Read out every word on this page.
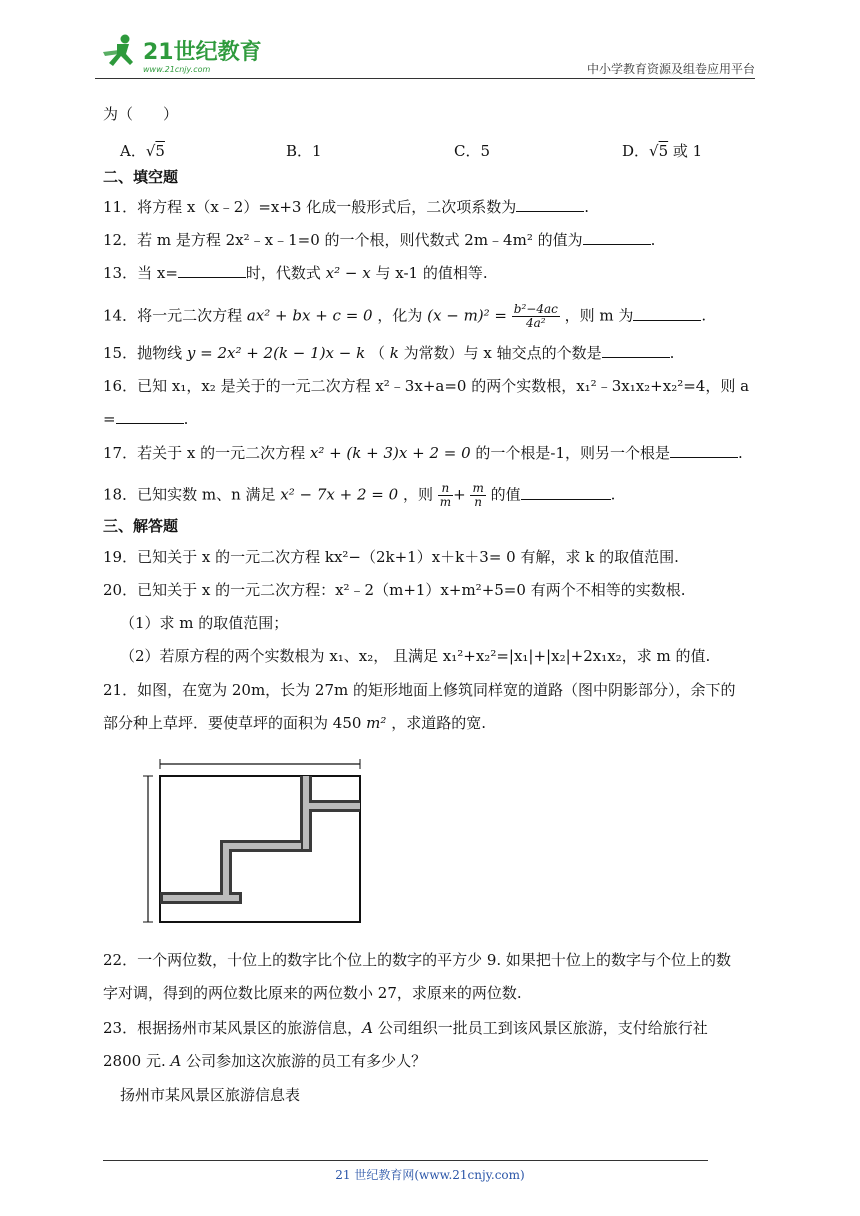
21世纪教育
www.21cnjy.com	中小学教育资源及组卷应用平台
为（　　）
A．√5	B．1	C．5	D．√5 或 1
二、填空题
11．将方程 x（x﹣2）=x+3 化成一般形式后，二次项系数为	.
12．若 m 是方程 2x²﹣x﹣1=0 的一个根，则代数式 2m﹣4m² 的值为	.
13．当 x=	时，代数式 x² − x 与 x-1 的值相等.
14．将一元二次方程 ax² + bx + c = 0 ，化为 $(x - m)^2 = \frac{\text{b²−4ac}}{\text{4a²}}$ ，则 m 为	.
15．抛物线 y = 2x² + 2(k − 1)x − k （ k 为常数）与 x 轴交点的个数是	.
16．已知 x₁，x₂ 是关于的一元二次方程 x²﹣3x+a=0 的两个实数根，x₁²﹣3x₁x₂+x₂²=4，则 a
=	.
17．若关于 x 的一元二次方程 x² + (k + 3)x + 2 = 0 的一个根是-1，则另一个根是	.
18．已知实数 m、n 满足 x² − 7x + 2 = 0 ，则 $\frac{n}{m} + \frac{m}{n}$ 的值	.
三、解答题
19．已知关于 x 的一元二次方程 kx²−（2k+1）x＋k＋3= 0 有解，求 k 的取值范围.
20．已知关于 x 的一元二次方程：x²﹣2（m+1）x+m²+5=0 有两个不相等的实数根.
（1）求 m 的取值范围；
（2）若原方程的两个实数根为 x₁、x₂， 且满足 x₁²+x₂²=|x₁|+|x₂|+2x₁x₂，求 m 的值.
21．如图，在宽为 20m，长为 27m 的矩形地面上修筑同样宽的道路（图中阴影部分），余下的
部分种上草坪．要使草坪的面积为 450 m² ，求道路的宽.
22．一个两位数，十位上的数字比个位上的数字的平方少 9. 如果把十位上的数字与个位上的数
字对调，得到的两位数比原来的两位数小 27，求原来的两位数.
23．根据扬州市某风景区的旅游信息，A 公司组织一批员工到该风景区旅游，支付给旅行社
2800 元. A 公司参加这次旅游的员工有多少人？
扬州市某风景区旅游信息表
21 世纪教育网(www.21cnjy.com)
